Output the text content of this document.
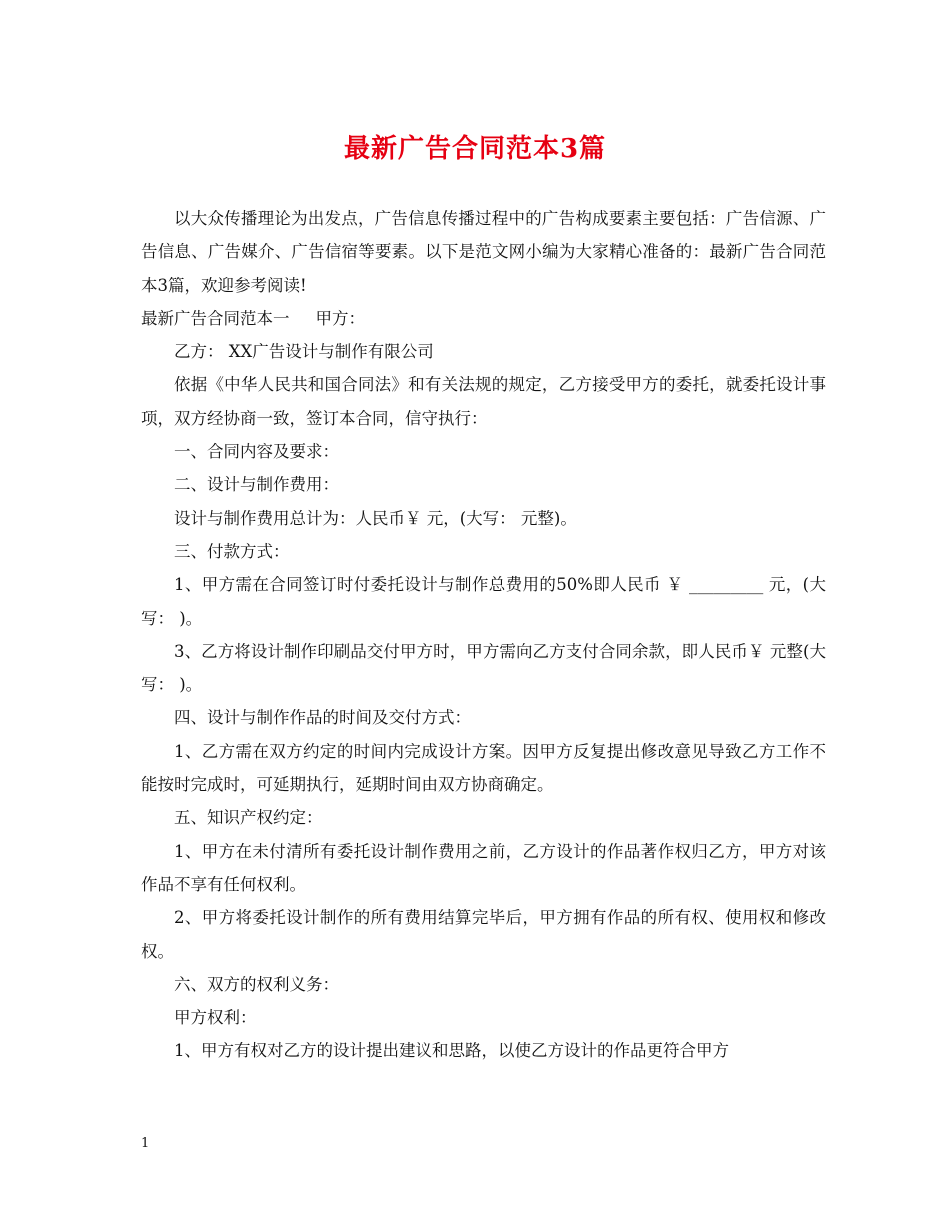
最新广告合同范本3篇

以大众传播理论为出发点，广告信息传播过程中的广告构成要素主要包括：广告信源、广告信息、广告媒介、广告信宿等要素。以下是范文网小编为大家精心准备的：最新广告合同范本3篇，欢迎参考阅读!

最新广告合同范本一 甲方：

乙方： XX广告设计与制作有限公司

依据《中华人民共和国合同法》和有关法规的规定，乙方接受甲方的委托，就委托设计事项，双方经协商一致，签订本合同，信守执行：

一、合同内容及要求：

二、设计与制作费用：

设计与制作费用总计为：人民币￥ 元，(大写： 元整)。

三、付款方式：

1、甲方需在合同签订时付委托设计与制作总费用的50%即人民币 ￥ _________ 元，(大写： )。

3、乙方将设计制作印刷品交付甲方时，甲方需向乙方支付合同余款，即人民币￥ 元整(大写： )。

四、设计与制作作品的时间及交付方式：

1、乙方需在双方约定的时间内完成设计方案。因甲方反复提出修改意见导致乙方工作不能按时完成时，可延期执行，延期时间由双方协商确定。

五、知识产权约定：

1、甲方在未付清所有委托设计制作费用之前，乙方设计的作品著作权归乙方，甲方对该作品不享有任何权利。

2、甲方将委托设计制作的所有费用结算完毕后，甲方拥有作品的所有权、使用权和修改权。

六、双方的权利义务：

甲方权利：

1、甲方有权对乙方的设计提出建议和思路，以使乙方设计的作品更符合甲方

1
